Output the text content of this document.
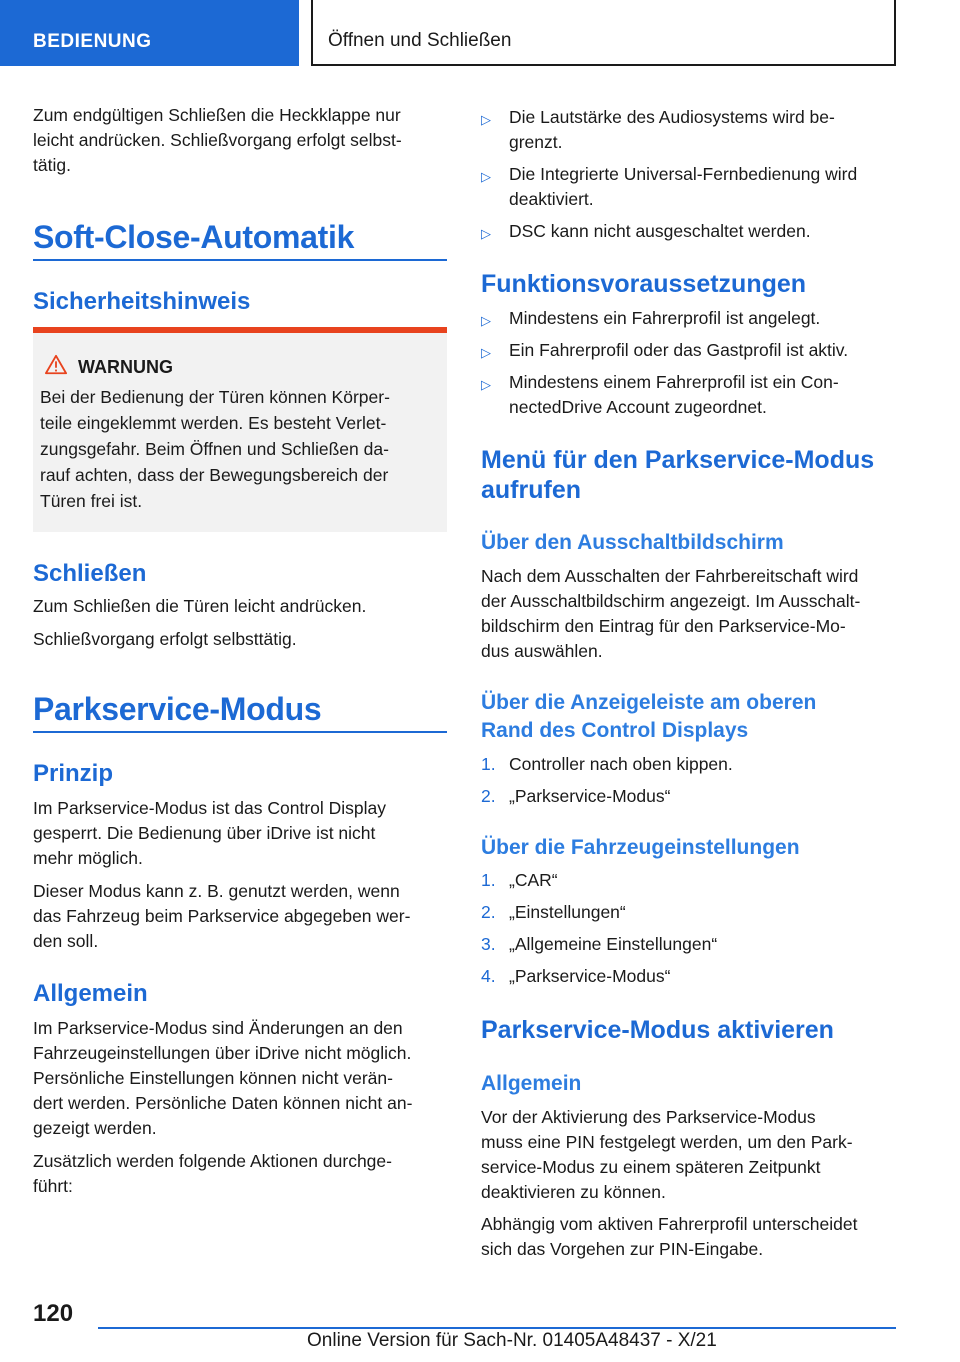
BEDIENUNG	Öffnen und Schließen
Zum endgültigen Schließen die Heckklappe nur
leicht andrücken. Schließvorgang erfolgt selbst-
tätig.
Soft-Close-Automatik
Sicherheitshinweis
WARNUNG
Bei der Bedienung der Türen können Körper-
teile eingeklemmt werden. Es besteht Verlet-
zungsgefahr. Beim Öffnen und Schließen da-
rauf achten, dass der Bewegungsbereich der
Türen frei ist.
Schließen
Zum Schließen die Türen leicht andrücken.
Schließvorgang erfolgt selbsttätig.
Parkservice-Modus
Prinzip
Im Parkservice-Modus ist das Control Display
gesperrt. Die Bedienung über iDrive ist nicht
mehr möglich.
Dieser Modus kann z. B. genutzt werden, wenn
das Fahrzeug beim Parkservice abgegeben wer-
den soll.
Allgemein
Im Parkservice-Modus sind Änderungen an den
Fahrzeugeinstellungen über iDrive nicht möglich.
Persönliche Einstellungen können nicht verän-
dert werden. Persönliche Daten können nicht an-
gezeigt werden.
Zusätzlich werden folgende Aktionen durchge-
führt:
▷ Die Lautstärke des Audiosystems wird be-
grenzt.
▷ Die Integrierte Universal-Fernbedienung wird
deaktiviert.
▷ DSC kann nicht ausgeschaltet werden.
Funktionsvoraussetzungen
▷ Mindestens ein Fahrerprofil ist angelegt.
▷ Ein Fahrerprofil oder das Gastprofil ist aktiv.
▷ Mindestens einem Fahrerprofil ist ein Con-
nectedDrive Account zugeordnet.
Menü für den Parkservice-Modus
aufrufen
Über den Ausschaltbildschirm
Nach dem Ausschalten der Fahrbereitschaft wird
der Ausschaltbildschirm angezeigt. Im Ausschalt-
bildschirm den Eintrag für den Parkservice-Mo-
dus auswählen.
Über die Anzeigeleiste am oberen
Rand des Control Displays
1. Controller nach oben kippen.
2. „Parkservice-Modus“
Über die Fahrzeugeinstellungen
1. „CAR“
2. „Einstellungen“
3. „Allgemeine Einstellungen“
4. „Parkservice-Modus“
Parkservice-Modus aktivieren
Allgemein
Vor der Aktivierung des Parkservice-Modus
muss eine PIN festgelegt werden, um den Park-
service-Modus zu einem späteren Zeitpunkt
deaktivieren zu können.
Abhängig vom aktiven Fahrerprofil unterscheidet
sich das Vorgehen zur PIN-Eingabe.
120
Online Version für Sach-Nr. 01405A48437 - X/21
